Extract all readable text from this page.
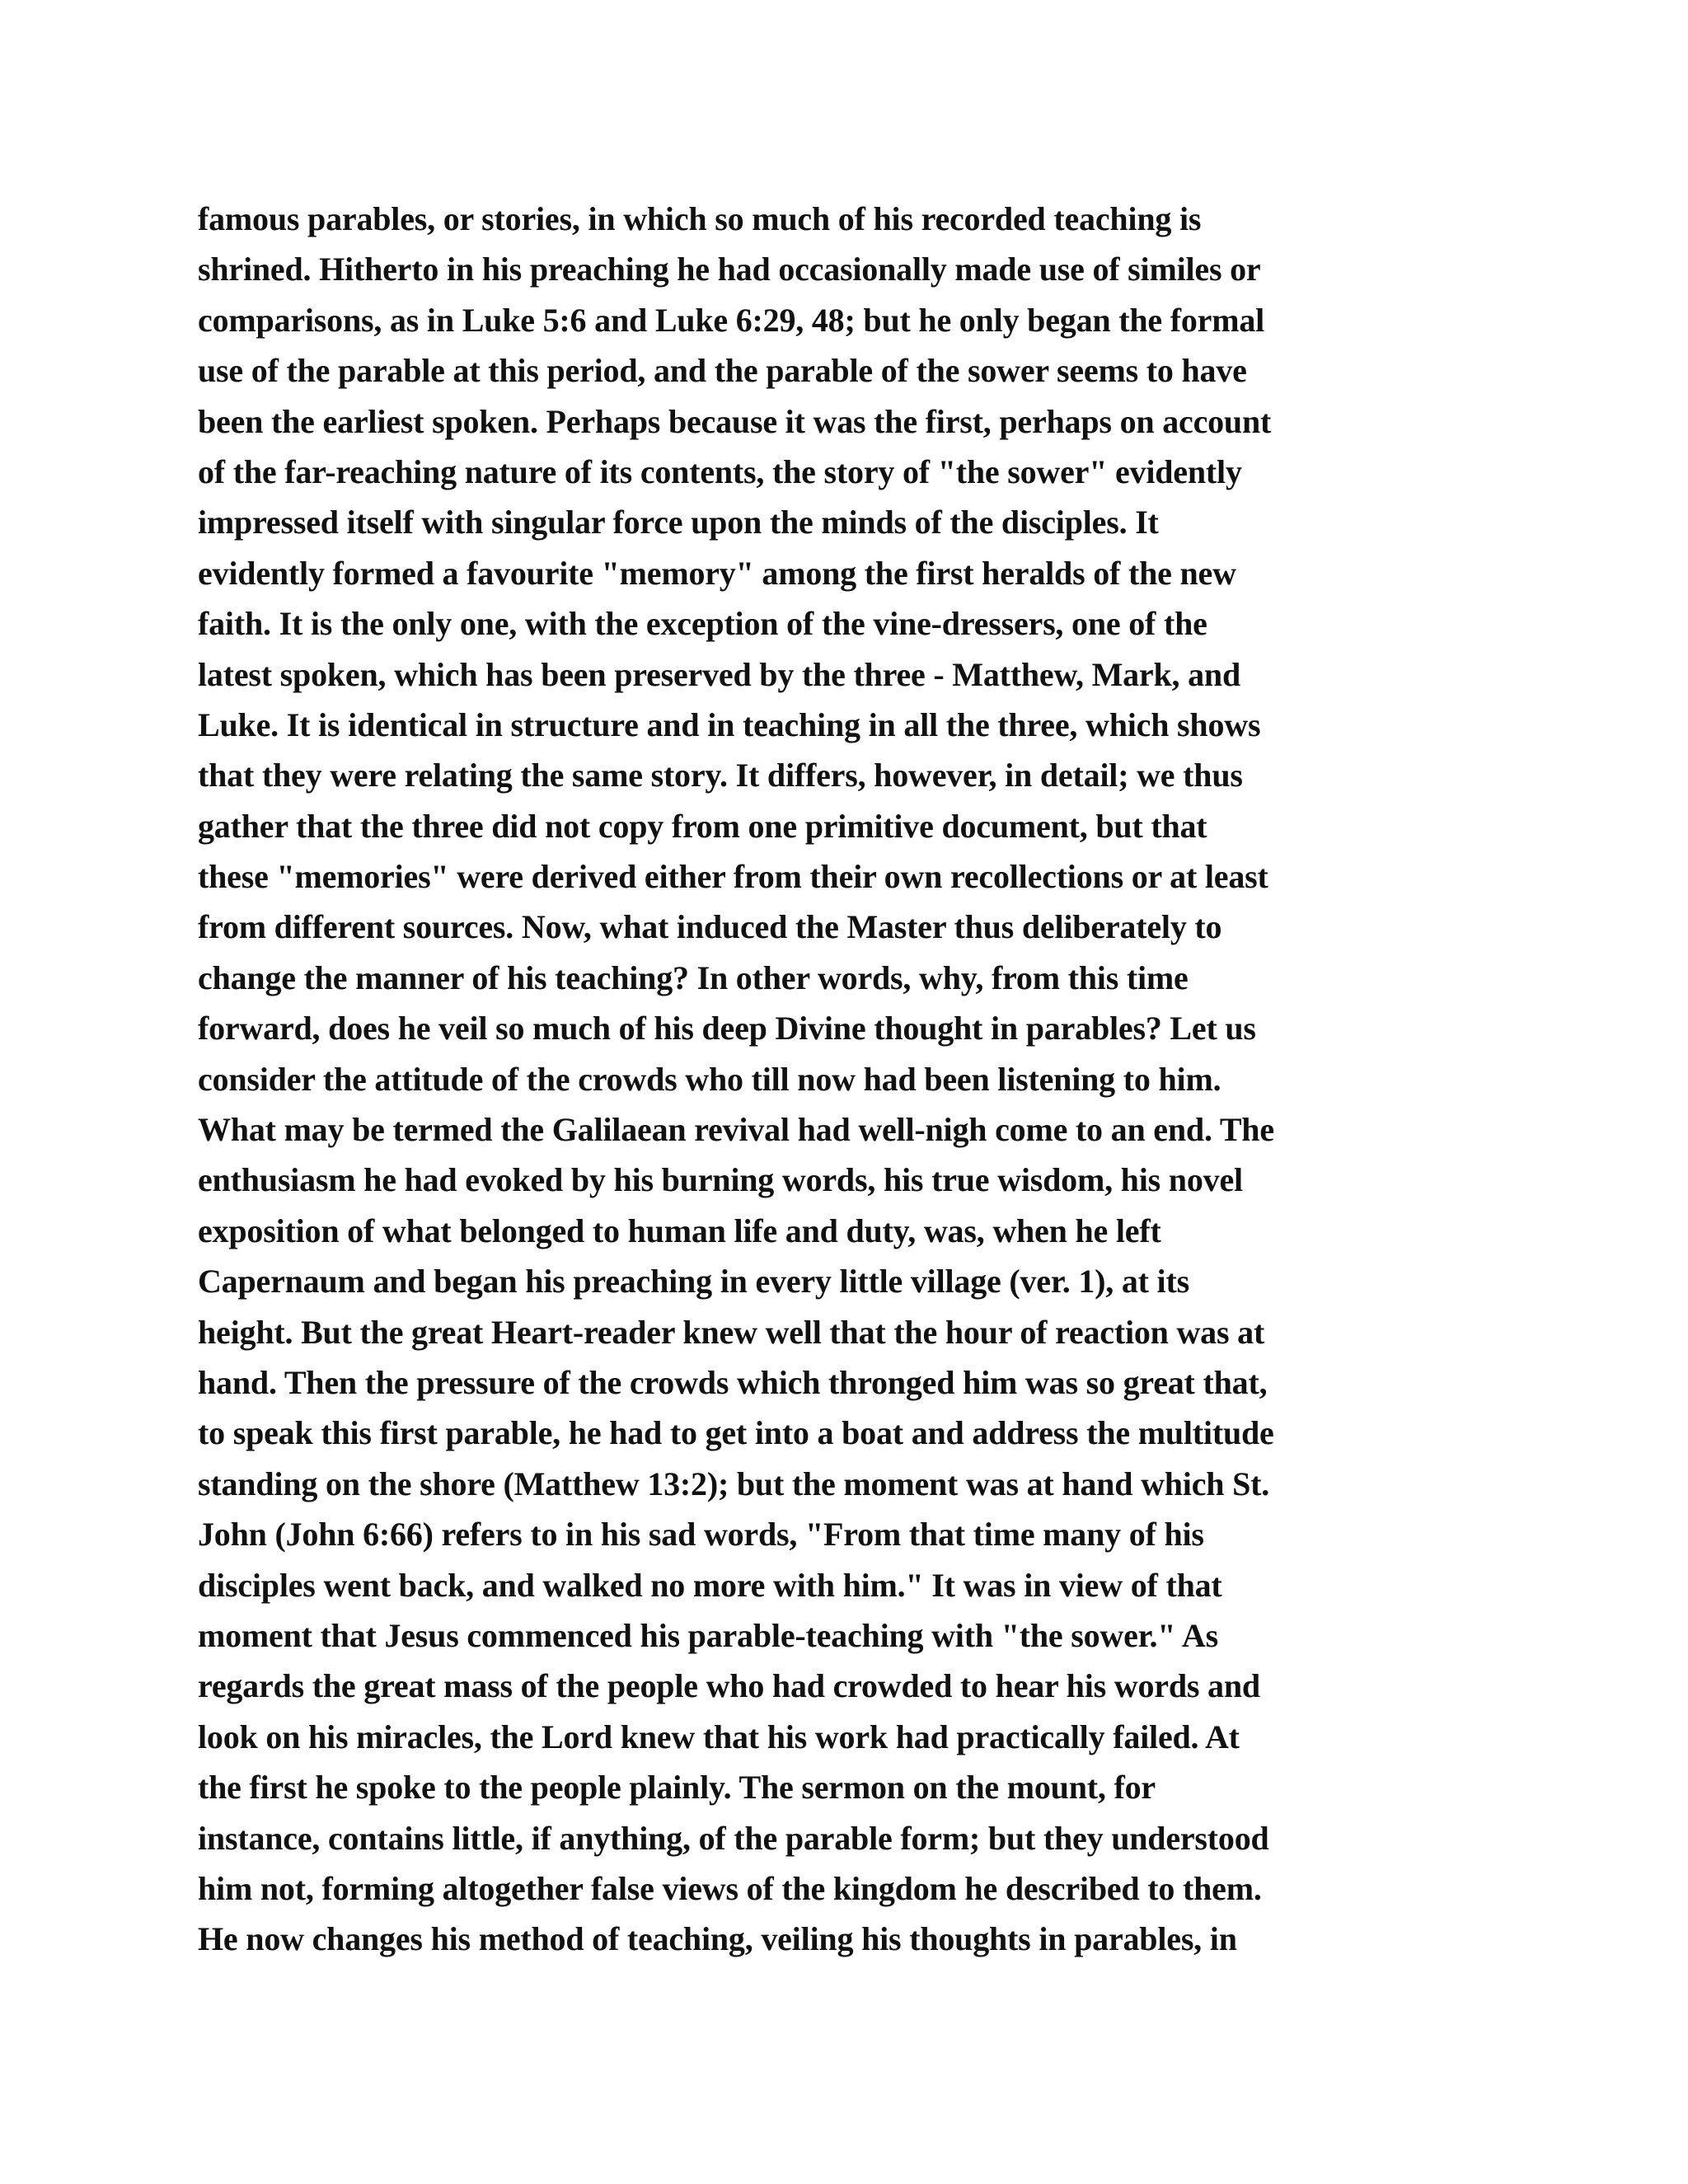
famous parables, or stories, in which so much of his recorded teaching is
shrined. Hitherto in his preaching he had occasionally made use of similes or
comparisons, as in Luke 5:6 and Luke 6:29, 48; but he only began the formal
use of the parable at this period, and the parable of the sower seems to have
been the earliest spoken. Perhaps because it was the first, perhaps on account
of the far-reaching nature of its contents, the story of "the sower" evidently
impressed itself with singular force upon the minds of the disciples. It
evidently formed a favourite "memory" among the first heralds of the new
faith. It is the only one, with the exception of the vine-dressers, one of the
latest spoken, which has been preserved by the three - Matthew, Mark, and
Luke. It is identical in structure and in teaching in all the three, which shows
that they were relating the same story. It differs, however, in detail; we thus
gather that the three did not copy from one primitive document, but that
these "memories" were derived either from their own recollections or at least
from different sources. Now, what induced the Master thus deliberately to
change the manner of his teaching? In other words, why, from this time
forward, does he veil so much of his deep Divine thought in parables? Let us
consider the attitude of the crowds who till now had been listening to him.
What may be termed the Galilaean revival had well-nigh come to an end. The
enthusiasm he had evoked by his burning words, his true wisdom, his novel
exposition of what belonged to human life and duty, was, when he left
Capernaum and began his preaching in every little village (ver. 1), at its
height. But the great Heart-reader knew well that the hour of reaction was at
hand. Then the pressure of the crowds which thronged him was so great that,
to speak this first parable, he had to get into a boat and address the multitude
standing on the shore (Matthew 13:2); but the moment was at hand which St.
John (John 6:66) refers to in his sad words, "From that time many of his
disciples went back, and walked no more with him." It was in view of that
moment that Jesus commenced his parable-teaching with "the sower." As
regards the great mass of the people who had crowded to hear his words and
look on his miracles, the Lord knew that his work had practically failed. At
the first he spoke to the people plainly. The sermon on the mount, for
instance, contains little, if anything, of the parable form; but they understood
him not, forming altogether false views of the kingdom he described to them.
He now changes his method of teaching, veiling his thoughts in parables, in
